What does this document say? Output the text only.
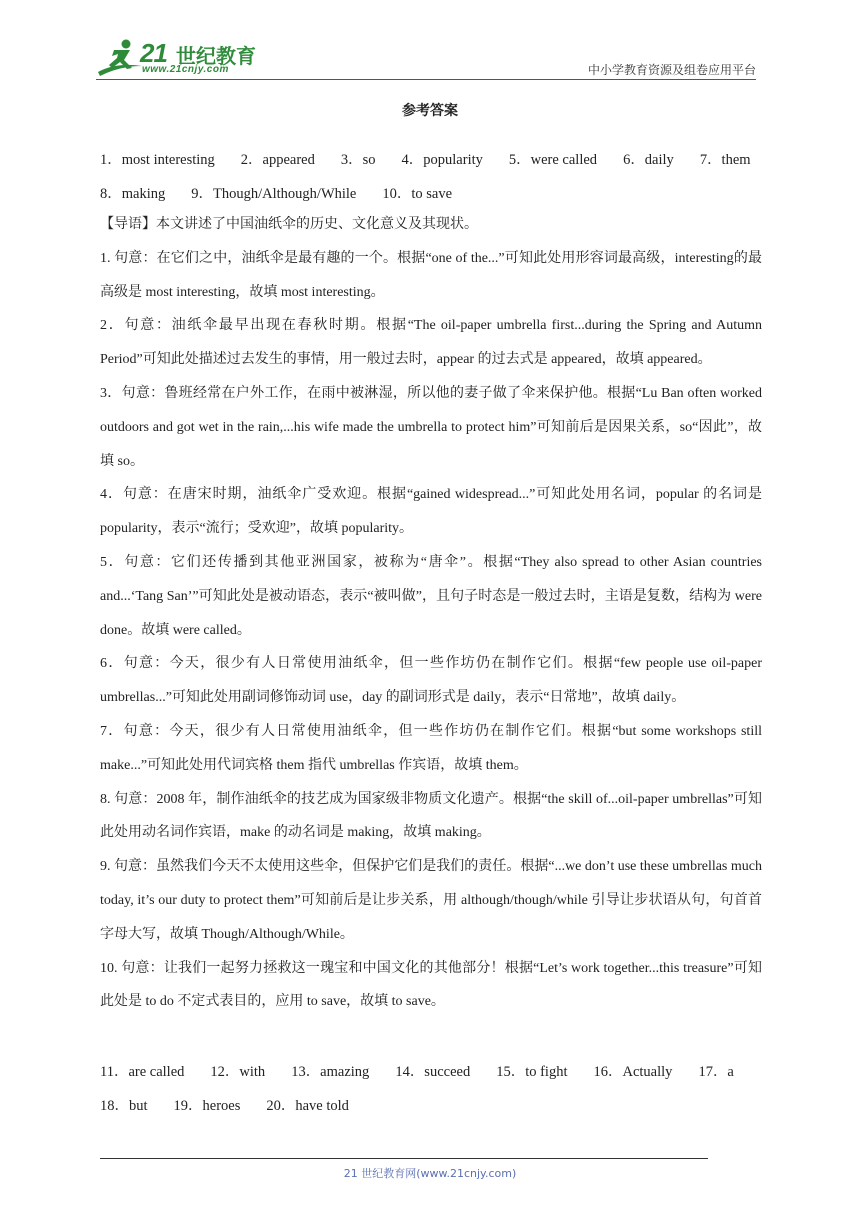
21 世纪教育
www.21cnjy.com	中小学教育资源及组卷应用平台
参考答案
1．most interesting 2．appeared 3．so 4．popularity 5．were called 6．daily 7．them
8．making 9．Though/Although/While 10．to save

【导语】本文讲述了中国油纸伞的历史、文化意义及其现状。

1. 句意：在它们之中，油纸伞是最有趣的一个。根据“one of the...”可知此处用形容词最高级，interesting的最高级是 most interesting，故填 most interesting。

2．句意：油纸伞最早出现在春秋时期。根据“The oil-paper umbrella first...during the Spring and Autumn Period”可知此处描述过去发生的事情，用一般过去时，appear 的过去式是 appeared，故填 appeared。

3．句意：鲁班经常在户外工作，在雨中被淋湿，所以他的妻子做了伞来保护他。根据“Lu Ban often worked outdoors and got wet in the rain,...his wife made the umbrella to protect him”可知前后是因果关系，so“因此”，故填 so。

4．句意：在唐宋时期，油纸伞广受欢迎。根据“gained widespread...”可知此处用名词，popular 的名词是 popularity，表示“流行；受欢迎”，故填 popularity。

5．句意：它们还传播到其他亚洲国家，被称为“唐伞”。根据“They also spread to other Asian countries and...‘Tang San’”可知此处是被动语态，表示“被叫做”，且句子时态是一般过去时，主语是复数，结构为 were done。故填 were called。

6．句意：今天，很少有人日常使用油纸伞，但一些作坊仍在制作它们。根据“few people use oil-paper umbrellas...”可知此处用副词修饰动词 use，day 的副词形式是 daily，表示“日常地”，故填 daily。

7．句意：今天，很少有人日常使用油纸伞，但一些作坊仍在制作它们。根据“but some workshops still make...”可知此处用代词宾格 them 指代 umbrellas 作宾语，故填 them。

8. 句意：2008 年，制作油纸伞的技艺成为国家级非物质文化遗产。根据“the skill of...oil-paper umbrellas”可知此处用动名词作宾语，make 的动名词是 making，故填 making。

9. 句意：虽然我们今天不太使用这些伞，但保护它们是我们的责任。根据“...we don’t use these umbrellas much today, it’s our duty to protect them”可知前后是让步关系，用 although/though/while 引导让步状语从句，句首首字母大写，故填 Though/Although/While。

10. 句意：让我们一起努力拯救这一瑰宝和中国文化的其他部分！根据“Let’s work together...this treasure”可知此处是 to do 不定式表目的，应用 to save，故填 to save。

11．are called 12．with 13．amazing 14．succeed 15．to fight 16．Actually 17．a
18．but 19．heroes 20．have told
21 世纪教育网(www.21cnjy.com)
